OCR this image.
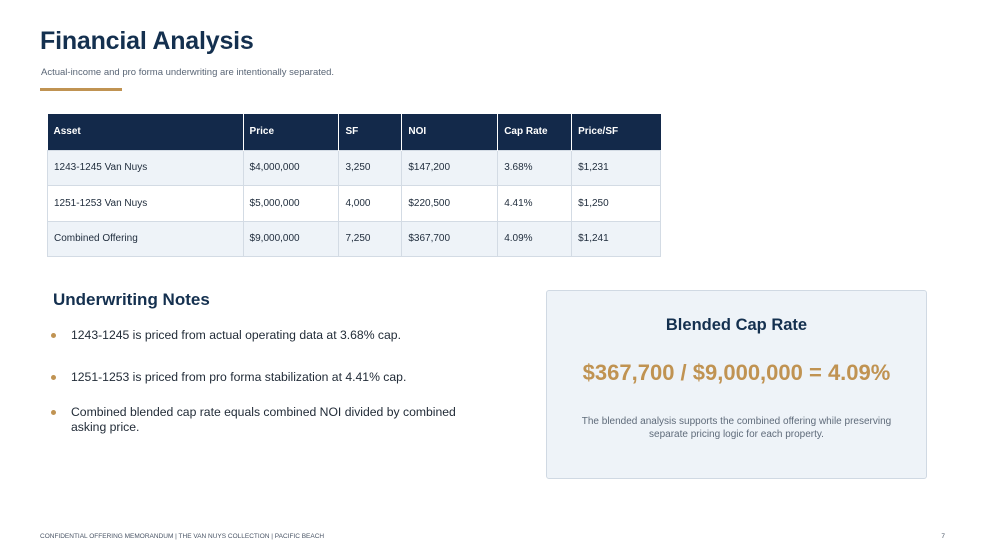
Financial Analysis
Actual-income and pro forma underwriting are intentionally separated.
Asset	Price	SF	NOI	Cap Rate	Price/SF
1243-1245 Van Nuys	$4,000,000	3,250	$147,200	3.68%	$1,231
1251-1253 Van Nuys	$5,000,000	4,000	$220,500	4.41%	$1,250
Combined Offering	$9,000,000	7,250	$367,700	4.09%	$1,241
Underwriting Notes
1243-1245 is priced from actual operating data at 3.68% cap.
1251-1253 is priced from pro forma stabilization at 4.41% cap.
Combined blended cap rate equals combined NOI divided by combined asking price.
Blended Cap Rate
$367,700 / $9,000,000 = 4.09%
The blended analysis supports the combined offering while preserving separate pricing logic for each property.
CONFIDENTIAL OFFERING MEMORANDUM | THE VAN NUYS COLLECTION | PACIFIC BEACH	7
